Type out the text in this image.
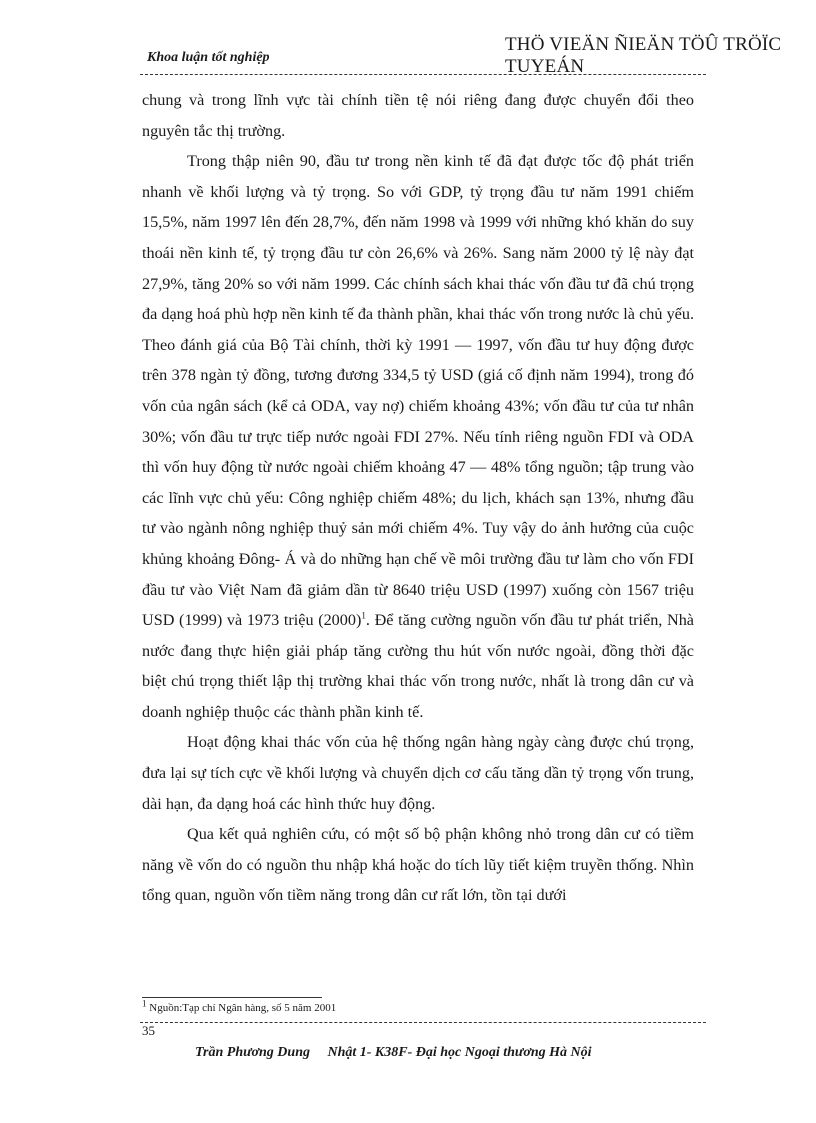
Khoa luận tốt nghiệp
THÖ VIEÄN ÑIEÄN TÖÛ TRÖÏC TUYEÁN

chung và trong lĩnh vực tài chính tiền tệ nói riêng đang được chuyển đổi theo nguyên tắc thị trường.

Trong thập niên 90, đầu tư trong nền kinh tế đã đạt được tốc độ phát triển nhanh về khối lượng và tỷ trọng. So với GDP, tỷ trọng đầu tư năm 1991 chiếm 15,5%, năm 1997 lên đến 28,7%, đến năm 1998 và 1999 với những khó khăn do suy thoái nền kinh tế, tỷ trọng đầu tư còn 26,6% và 26%. Sang năm 2000 tỷ lệ này đạt 27,9%, tăng 20% so với năm 1999. Các chính sách khai thác vốn đầu tư đã chú trọng đa dạng hoá phù hợp nền kinh tế đa thành phần, khai thác vốn trong nước là chủ yếu. Theo đánh giá của Bộ Tài chính, thời kỳ 1991 — 1997, vốn đầu tư huy động được trên 378 ngàn tỷ đồng, tương đương 334,5 tỷ USD (giá cố định năm 1994), trong đó vốn của ngân sách (kể cả ODA, vay nợ) chiếm khoảng 43%; vốn đầu tư của tư nhân 30%; vốn đầu tư trực tiếp nước ngoài FDI 27%. Nếu tính riêng nguồn FDI và ODA thì vốn huy động từ nước ngoài chiếm khoảng 47 — 48% tổng nguồn; tập trung vào các lĩnh vực chủ yếu: Công nghiệp chiếm 48%; du lịch, khách sạn 13%, nhưng đầu tư vào ngành nông nghiệp thuỷ sản mới chiếm 4%. Tuy vậy do ảnh hưởng của cuộc khủng khoảng Đông- Á và do những hạn chế về môi trường đầu tư làm cho vốn FDI đầu tư vào Việt Nam đã giảm dần từ 8640 triệu USD (1997) xuống còn 1567 triệu USD (1999) và 1973 triệu $(2000)^1$. Để tăng cường nguồn vốn đầu tư phát triển, Nhà nước đang thực hiện giải pháp tăng cường thu hút vốn nước ngoài, đồng thời đặc biệt chú trọng thiết lập thị trường khai thác vốn trong nước, nhất là trong dân cư và doanh nghiệp thuộc các thành phần kinh tế.

Hoạt động khai thác vốn của hệ thống ngân hàng ngày càng được chú trọng, đưa lại sự tích cực về khối lượng và chuyển dịch cơ cấu tăng dần tỷ trọng vốn trung, dài hạn, đa dạng hoá các hình thức huy động.

Qua kết quả nghiên cứu, có một số bộ phận không nhỏ trong dân cư có tiềm năng về vốn do có nguồn thu nhập khá hoặc do tích lũy tiết kiệm truyền thống. Nhìn tổng quan, nguồn vốn tiềm năng trong dân cư rất lớn, tồn tại dưới

$^1$ Nguồn:Tạp chí Ngân hàng, số 5 năm 2001
35
Trần Phương Dung     Nhật 1- K38F- Đại học Ngoại thương Hà Nội
